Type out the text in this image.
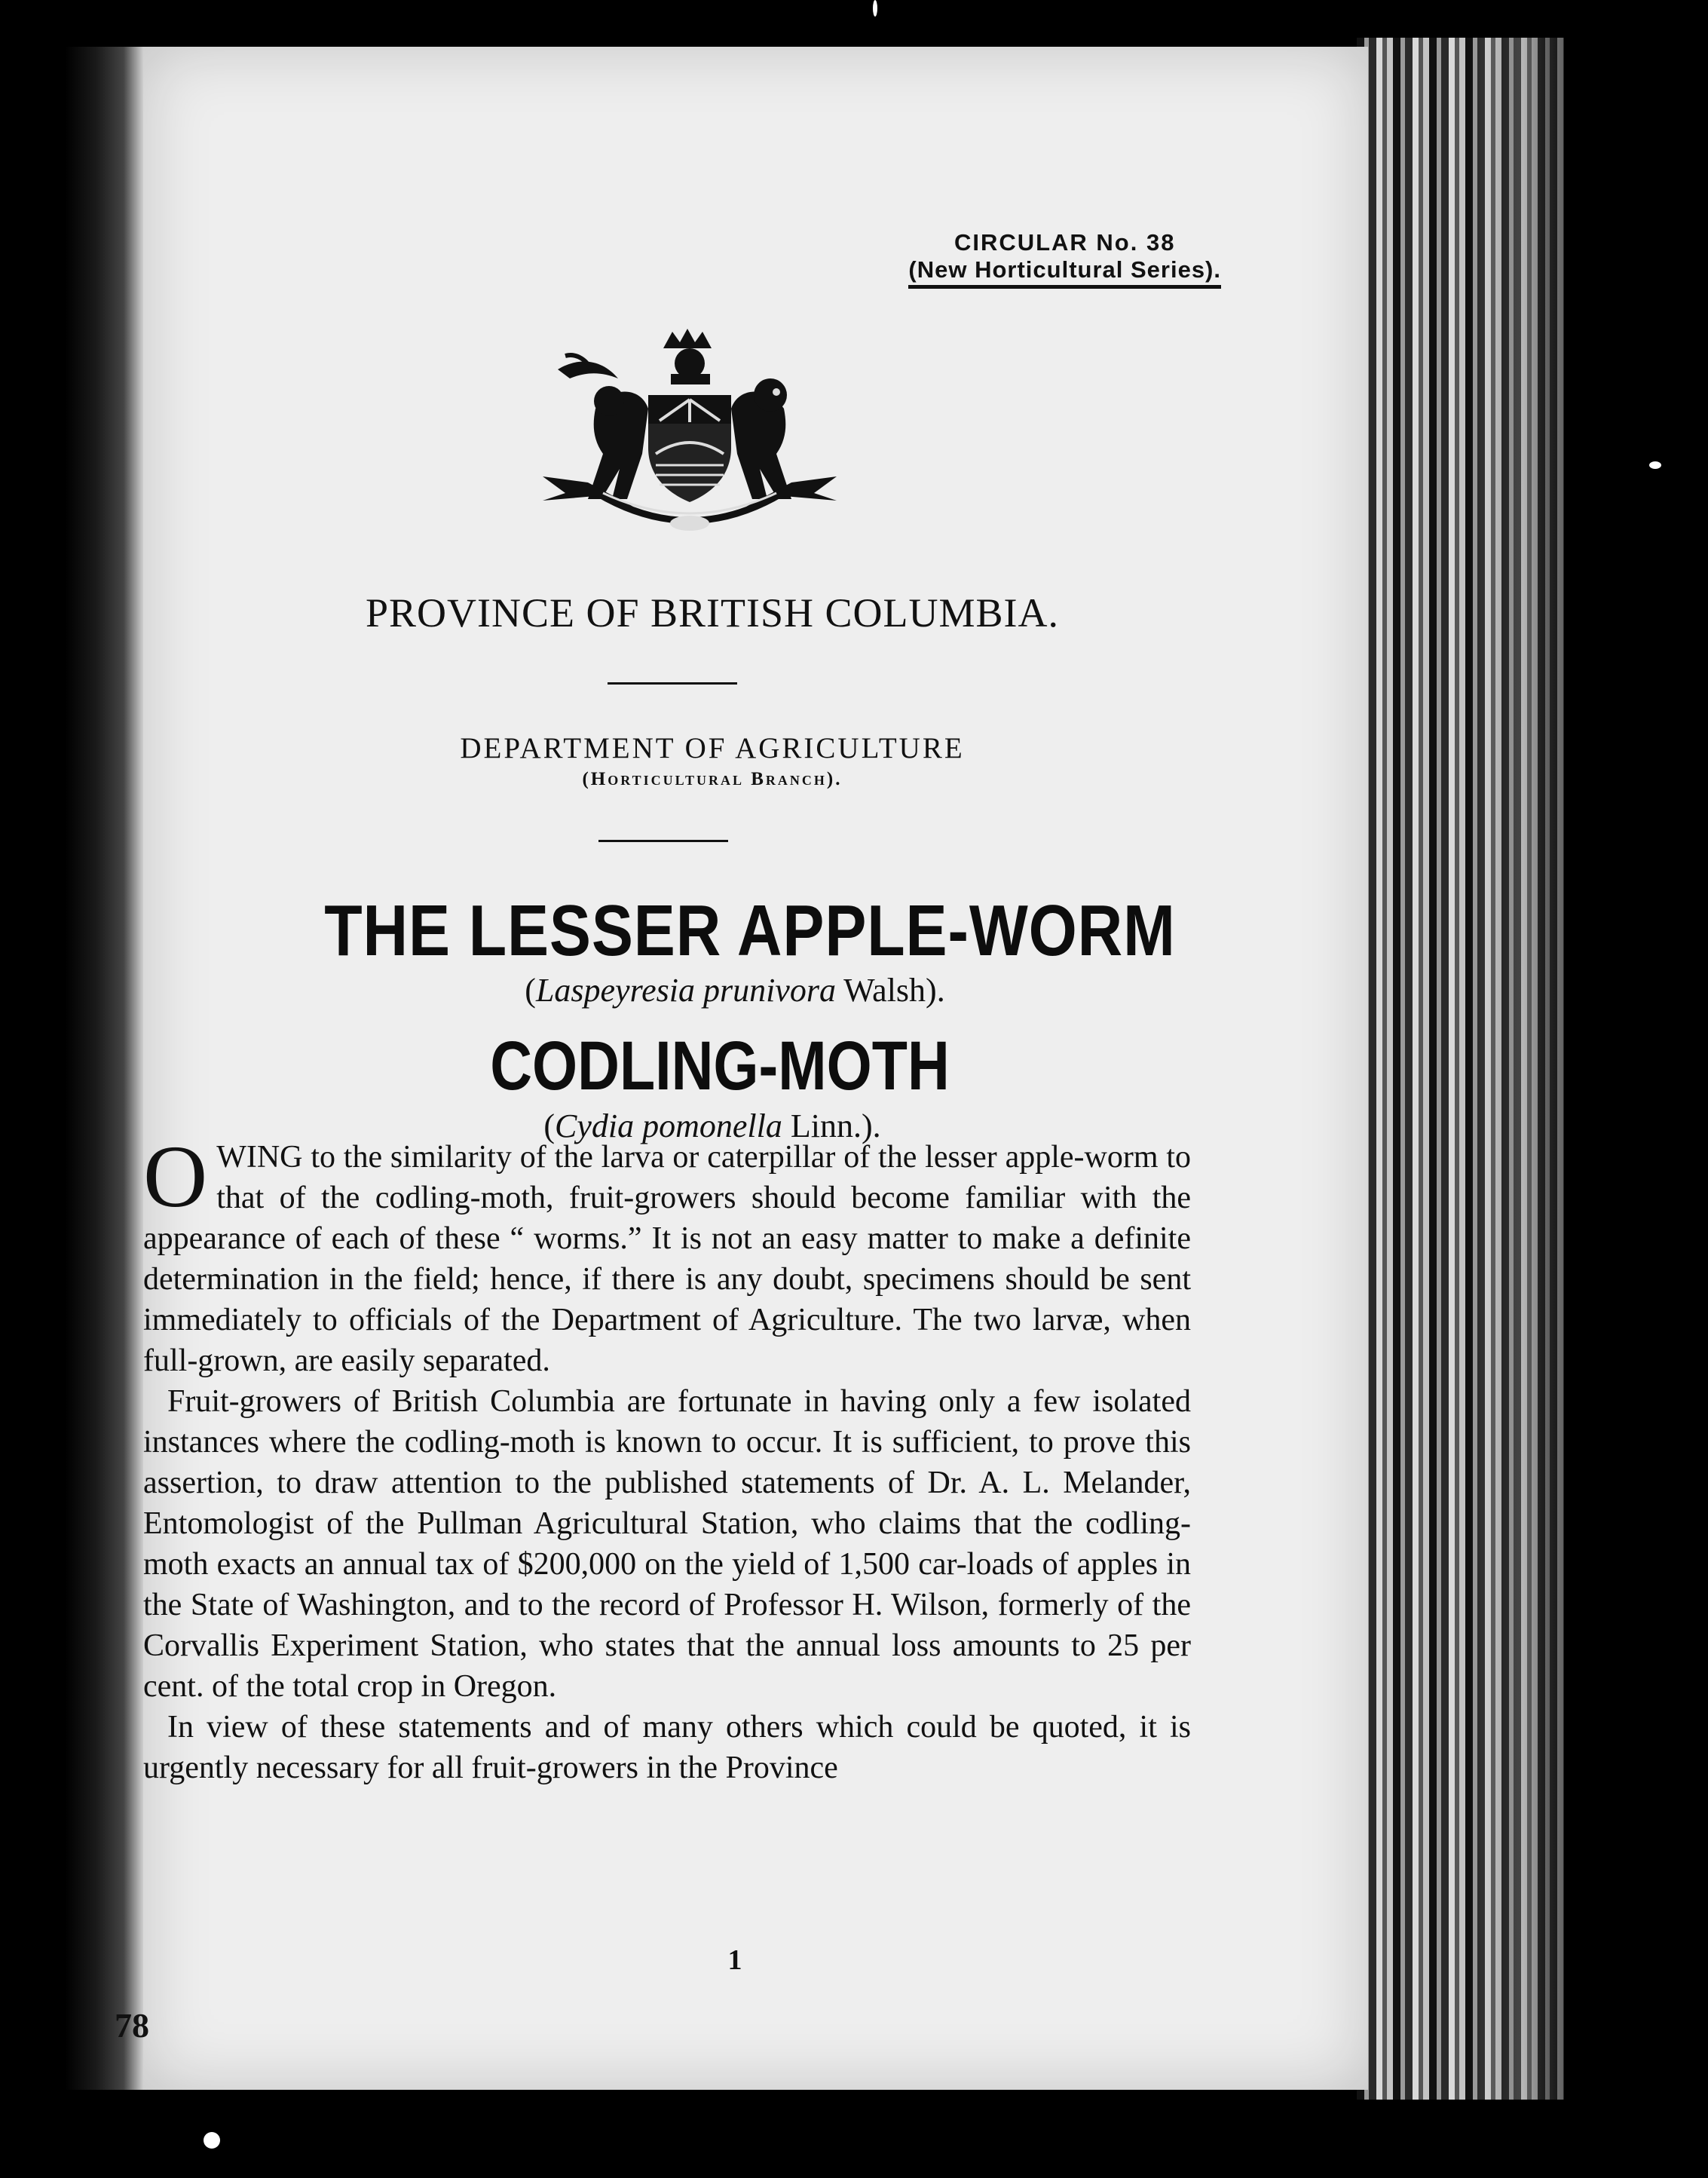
CIRCULAR No. 38
(New Horticultural Series).
PROVINCE OF BRITISH COLUMBIA.
DEPARTMENT OF AGRICULTURE
(Horticultural Branch).
THE LESSER APPLE-WORM
(Laspeyresia prunivora Walsh).
CODLING-MOTH
(Cydia pomonella Linn.).
1

OWING to the similarity of the larva or caterpillar of the lesser apple-worm to that of the codling-moth, fruit-growers should become familiar with the appearance of each of these “ worms.” It is not an easy matter to make a definite determination in the field; hence, if there is any doubt, specimens should be sent immediately to officials of the Department of Agriculture. The two larvæ, when full-grown, are easily separated.

Fruit-growers of British Columbia are fortunate in having only a few isolated instances where the codling-moth is known to occur. It is sufficient, to prove this assertion, to draw attention to the published statements of Dr. A. L. Melander, Entomologist of the Pullman Agricultural Station, who claims that the codling-moth exacts an annual tax of $200,000 on the yield of 1,500 car-loads of apples in the State of Washington, and to the record of Professor H. Wilson, formerly of the Corvallis Experiment Station, who states that the annual loss amounts to 25 per cent. of the total crop in Oregon.

In view of these statements and of many others which could be quoted, it is urgently necessary for all fruit-growers in the Province

78
